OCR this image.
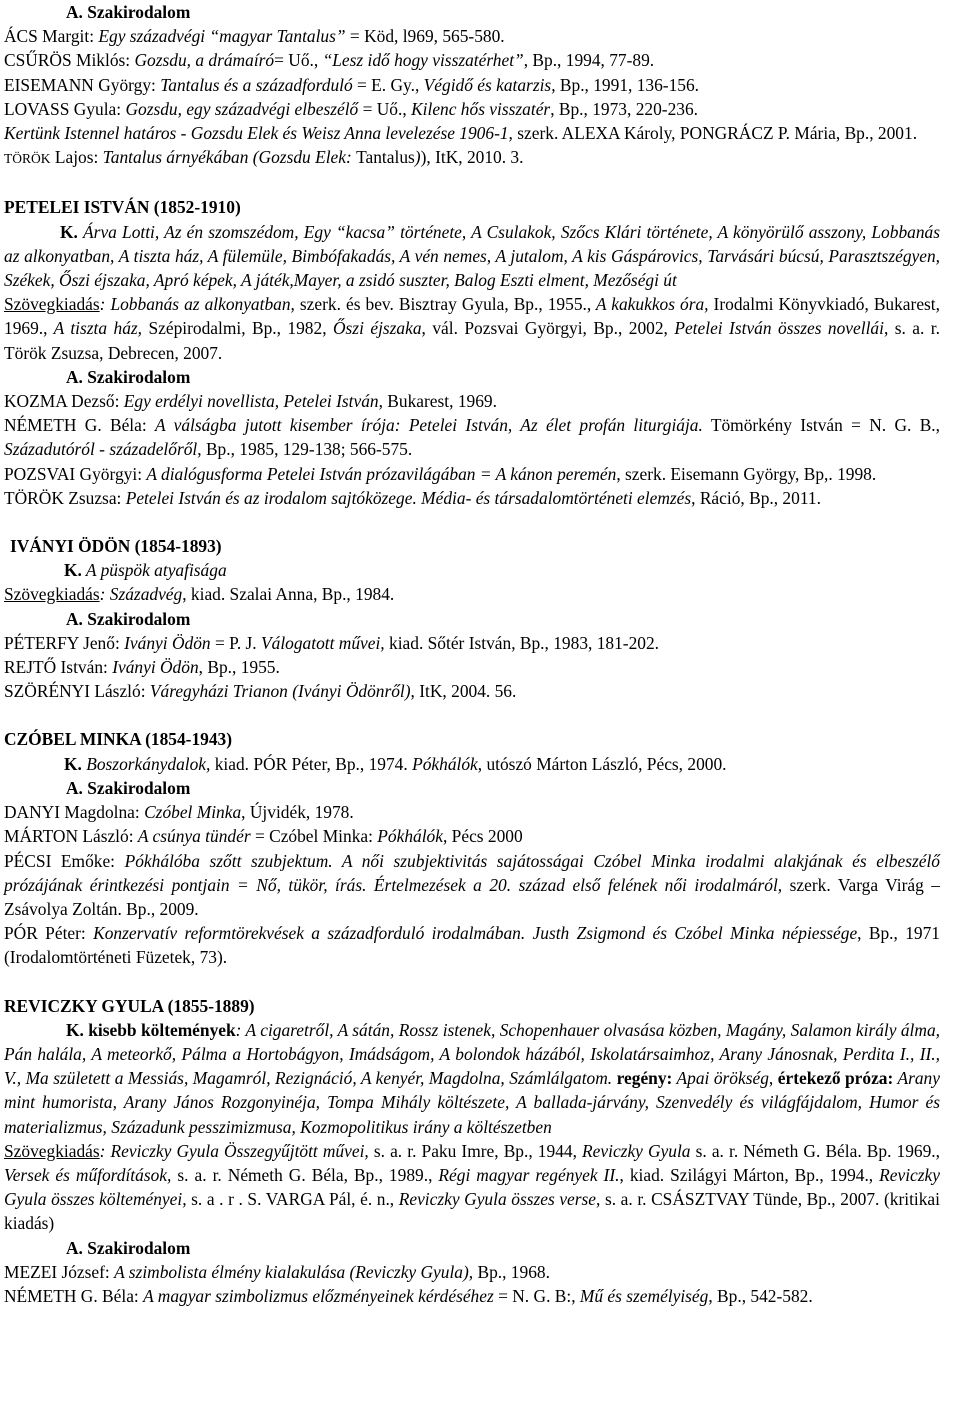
A. Szakirodalom

ÁCS Margit: Egy századvégi “magyar Tantalus” = Köd, l969, 565-580.

CSŰRÖS Miklós: Gozsdu, a drámaíró= Uő., “Lesz idő hogy visszatérhet”, Bp., 1994, 77-89.

EISEMANN György: Tantalus és a századforduló = E. Gy., Végidő és katarzis, Bp., 1991, 136-156.

LOVASS Gyula: Gozsdu, egy századvégi elbeszélő = Uő., Kilenc hős visszatér, Bp., 1973, 220-236.

Kertünk Istennel határos - Gozsdu Elek és Weisz Anna levelezése 1906-1, szerk. ALEXA Károly, PONGRÁCZ P. Mária, Bp., 2001.

TÖRÖK Lajos: Tantalus árnyékában (Gozsdu Elek: Tantalus)), ItK, 2010. 3.

PETELEI ISTVÁN (1852-1910)

K. Árva Lotti, Az én szomszédom, Egy “kacsa” története, A Csulakok, Szőcs Klári története, A könyörülő asszony, Lobbanás az alkonyatban, A tiszta ház, A fülemüle, Bimbófakadás, A vén nemes, A jutalom, A kis Gáspárovics, Tarvásári búcsú, Parasztszégyen, Székek, Őszi éjszaka, Apró képek, A játék,Mayer, a zsidó suszter, Balog Eszti elment, Mezőségi út

Szövegkiadás: Lobbanás az alkonyatban, szerk. és bev. Bisztray Gyula, Bp., 1955., A kakukkos óra, Irodalmi Könyvkiadó, Bukarest, 1969., A tiszta ház, Szépirodalmi, Bp., 1982, Őszi éjszaka, vál. Pozsvai Györgyi, Bp., 2002, Petelei István összes novellái, s. a. r. Török Zsuzsa, Debrecen, 2007.

A. Szakirodalom

KOZMA Dezső: Egy erdélyi novellista, Petelei István, Bukarest, 1969.

NÉMETH G. Béla: A válságba jutott kisember írója: Petelei István, Az élet profán liturgiája. Tömörkény István = N. G. B., Századutóról - századelőről, Bp., 1985, 129-138; 566-575.

POZSVAI Györgyi: A dialógusforma Petelei István prózavilágában = A kánon peremén, szerk. Eisemann György, Bp,. 1998.

TÖRÖK Zsuzsa: Petelei István és az irodalom sajtóközege. Média- és társadalomtörténeti elemzés, Ráció, Bp., 2011.

IVÁNYI ÖDÖN (1854-1893)

K. A püspök atyafisága

Szövegkiadás: Századvég, kiad. Szalai Anna, Bp., 1984.

A. Szakirodalom

PÉTERFY Jenő: Iványi Ödön = P. J. Válogatott művei, kiad. Sőtér István, Bp., 1983, 181-202.

REJTŐ István: Iványi Ödön, Bp., 1955.

SZÖRÉNYI László: Váregyházi Trianon (Iványi Ödönről), ItK, 2004. 56.

CZÓBEL MINKA (1854-1943)

K. Boszorkánydalok, kiad. PÓR Péter, Bp., 1974. Pókhálók, utószó Márton László, Pécs, 2000.

A. Szakirodalom

DANYI Magdolna: Czóbel Minka, Újvidék, 1978.

MÁRTON László: A csúnya tündér = Czóbel Minka: Pókhálók, Pécs 2000

PÉCSI Emőke: Pókhálóba szőtt szubjektum. A női szubjektivitás sajátosságai Czóbel Minka irodalmi alakjának és elbeszélő prózájának érintkezési pontjain = Nő, tükör, írás. Értelmezések a 20. század első felének női irodalmáról, szerk. Varga Virág – Zsávolya Zoltán. Bp., 2009.

PÓR Péter: Konzervatív reformtörekvések a századforduló irodalmában. Justh Zsigmond és Czóbel Minka népiessége, Bp., 1971 (Irodalomtörténeti Füzetek, 73).

REVICZKY GYULA (1855-1889)

K. kisebb költemények: A cigaretről, A sátán, Rossz istenek, Schopenhauer olvasása közben, Magány, Salamon király álma, Pán halála, A meteorkő, Pálma a Hortobágyon, Imádságom, A bolondok házából, Iskolatársaimhoz, Arany Jánosnak, Perdita I., II., V., Ma született a Messiás, Magamról, Rezignáció, A kenyér, Magdolna, Számlálgatom. regény: Apai örökség, értekező próza: Arany mint humorista, Arany János Rozgonyinéja, Tompa Mihály költészete, A ballada-járvány, Szenvedély és világfájdalom, Humor és materializmus, Századunk pesszimizmusa, Kozmopolitikus irány a költészetben

Szövegkiadás: Reviczky Gyula Összegyűjtött művei, s. a. r. Paku Imre, Bp., 1944, Reviczky Gyula s. a. r. Németh G. Béla. Bp. 1969., Versek és műfordítások, s. a. r. Németh G. Béla, Bp., 1989., Régi magyar regények II., kiad. Szilágyi Márton, Bp., 1994., Reviczky Gyula összes költeményei, s. a . r . S. VARGA Pál, é. n., Reviczky Gyula összes verse, s. a. r. CSÁSZTVAY Tünde, Bp., 2007. (kritikai kiadás)

A. Szakirodalom

MEZEI József: A szimbolista élmény kialakulása (Reviczky Gyula), Bp., 1968.

NÉMETH G. Béla: A magyar szimbolizmus előzményeinek kérdéséhez = N. G. B:, Mű és személyiség, Bp., 542-582.
